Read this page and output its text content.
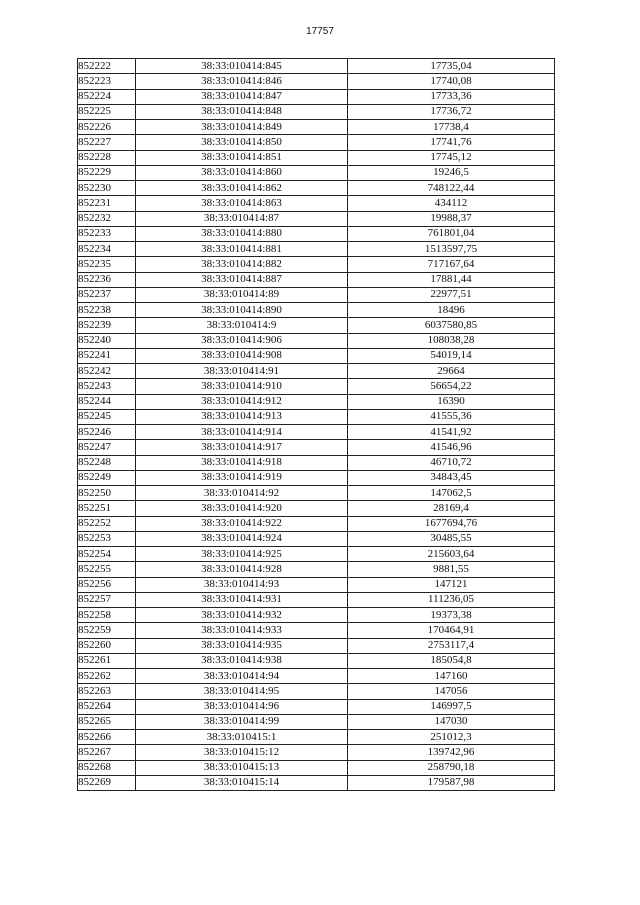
17757
852222	38:33:010414:845	17735,04
852223	38:33:010414:846	17740,08
852224	38:33:010414:847	17733,36
852225	38:33:010414:848	17736,72
852226	38:33:010414:849	17738,4
852227	38:33:010414:850	17741,76
852228	38:33:010414:851	17745,12
852229	38:33:010414:860	19246,5
852230	38:33:010414:862	748122,44
852231	38:33:010414:863	434112
852232	38:33:010414:87	19988,37
852233	38:33:010414:880	761801,04
852234	38:33:010414:881	1513597,75
852235	38:33:010414:882	717167,64
852236	38:33:010414:887	17881,44
852237	38:33:010414:89	22977,51
852238	38:33:010414:890	18496
852239	38:33:010414:9	6037580,85
852240	38:33:010414:906	108038,28
852241	38:33:010414:908	54019,14
852242	38:33:010414:91	29664
852243	38:33:010414:910	56654,22
852244	38:33:010414:912	16390
852245	38:33:010414:913	41555,36
852246	38:33:010414:914	41541,92
852247	38:33:010414:917	41546,96
852248	38:33:010414:918	46710,72
852249	38:33:010414:919	34843,45
852250	38:33:010414:92	147062,5
852251	38:33:010414:920	28169,4
852252	38:33:010414:922	1677694,76
852253	38:33:010414:924	30485,55
852254	38:33:010414:925	215603,64
852255	38:33:010414:928	9881,55
852256	38:33:010414:93	147121
852257	38:33:010414:931	111236,05
852258	38:33:010414:932	19373,38
852259	38:33:010414:933	170464,91
852260	38:33:010414:935	2753117,4
852261	38:33:010414:938	185054,8
852262	38:33:010414:94	147160
852263	38:33:010414:95	147056
852264	38:33:010414:96	146997,5
852265	38:33:010414:99	147030
852266	38:33:010415:1	251012,3
852267	38:33:010415:12	139742,96
852268	38:33:010415:13	258790,18
852269	38:33:010415:14	179587,98
